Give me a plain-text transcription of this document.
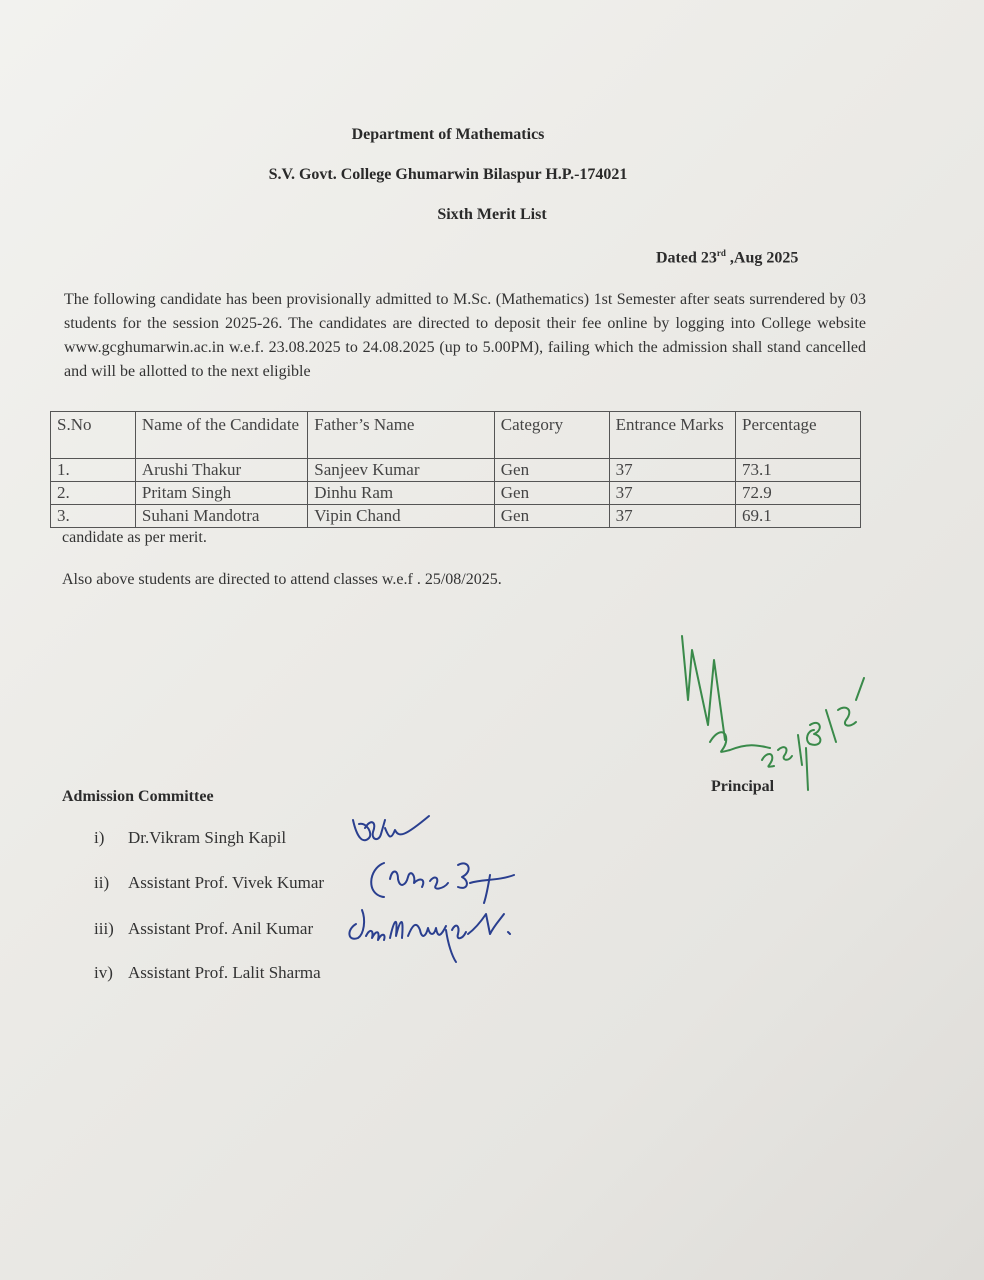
Department of Mathematics
S.V. Govt. College Ghumarwin Bilaspur H.P.-174021
Sixth Merit List
Dated 23rd ,Aug 2025
The following candidate has been provisionally admitted to M.Sc. (Mathematics) 1st Semester after seats surrendered by 03 students for the session 2025-26. The candidates are directed to deposit their fee online by logging into College website www.gcghumarwin.ac.in w.e.f. 23.08.2025 to 24.08.2025 (up to 5.00PM), failing which the admission shall stand cancelled and will be allotted to the next eligible
S.No	Name of the Candidate	Father’s Name	Category	Entrance Marks	Percentage
1.	Arushi Thakur	Sanjeev Kumar	Gen	37	73.1
2.	Pritam Singh	Dinhu Ram	Gen	37	72.9
3.	Suhani Mandotra	Vipin Chand	Gen	37	69.1
candidate as per merit.
Also above students are directed to attend classes w.e.f . 25/08/2025.
Principal
Admission Committee
i) Dr.Vikram Singh Kapil
ii) Assistant Prof. Vivek Kumar
iii) Assistant Prof. Anil Kumar
iv) Assistant Prof. Lalit Sharma
